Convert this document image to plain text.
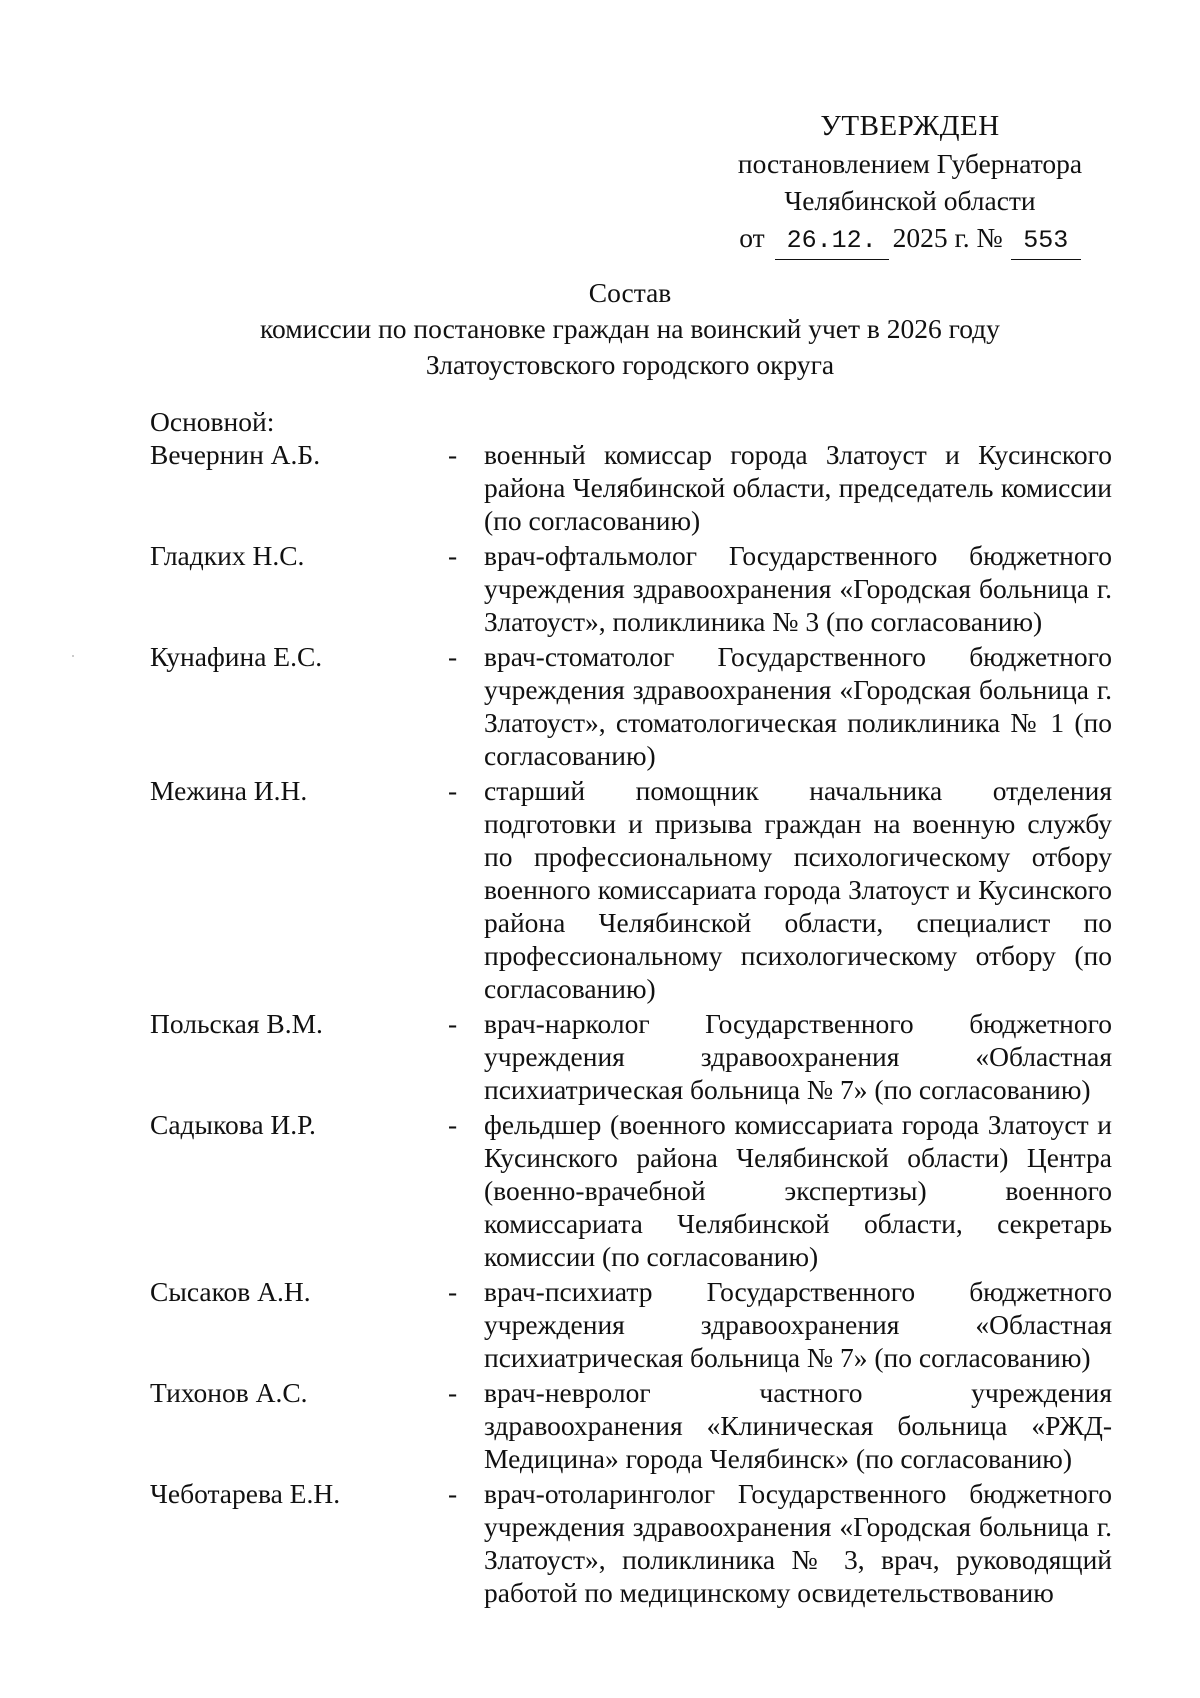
УТВЕРЖДЕН
постановлением Губернатора
Челябинской области
от 26.12. 2025 г. № 553
Состав
комиссии по постановке граждан на воинский учет в 2026 году
Златоустовского городского округа
Основной:
Вечернин А.Б.	- военный комиссар города Златоуст и Кусинского района Челябинской области, председатель комиссии (по согласованию)
Гладких Н.С.	- врач-офтальмолог Государственного бюджетного учреждения здравоохранения «Городская больница г. Златоуст», поликлиника № 3 (по согласованию)
Кунафина Е.С.	- врач-стоматолог Государственного бюджетного учреждения здравоохранения «Городская больница г. Златоуст», стоматологическая поликлиника № 1 (по согласованию)
Межина И.Н.	- старший помощник начальника отделения подготовки и призыва граждан на военную службу по профессиональному психологическому отбору военного комиссариата города Златоуст и Кусинского района Челябинской области, специалист по профессиональному психологическому отбору (по согласованию)
Польская В.М.	- врач-нарколог Государственного бюджетного учреждения здравоохранения «Областная психиатрическая больница № 7» (по согласованию)
Садыкова И.Р.	- фельдшер (военного комиссариата города Златоуст и Кусинского района Челябинской области) Центра (военно-врачебной экспертизы) военного комиссариата Челябинской области, секретарь комиссии (по согласованию)
Сысаков А.Н.	- врач-психиатр Государственного бюджетного учреждения здравоохранения «Областная психиатрическая больница № 7» (по согласованию)
Тихонов А.С.	- врач-невролог частного учреждения здравоохранения «Клиническая больница «РЖД-Медицина» города Челябинск» (по согласованию)
Чеботарева Е.Н.	- врач-отоларинголог Государственного бюджетного учреждения здравоохранения «Городская больница г. Златоуст», поликлиника № 3, врач, руководящий работой по медицинскому освидетельствованию
